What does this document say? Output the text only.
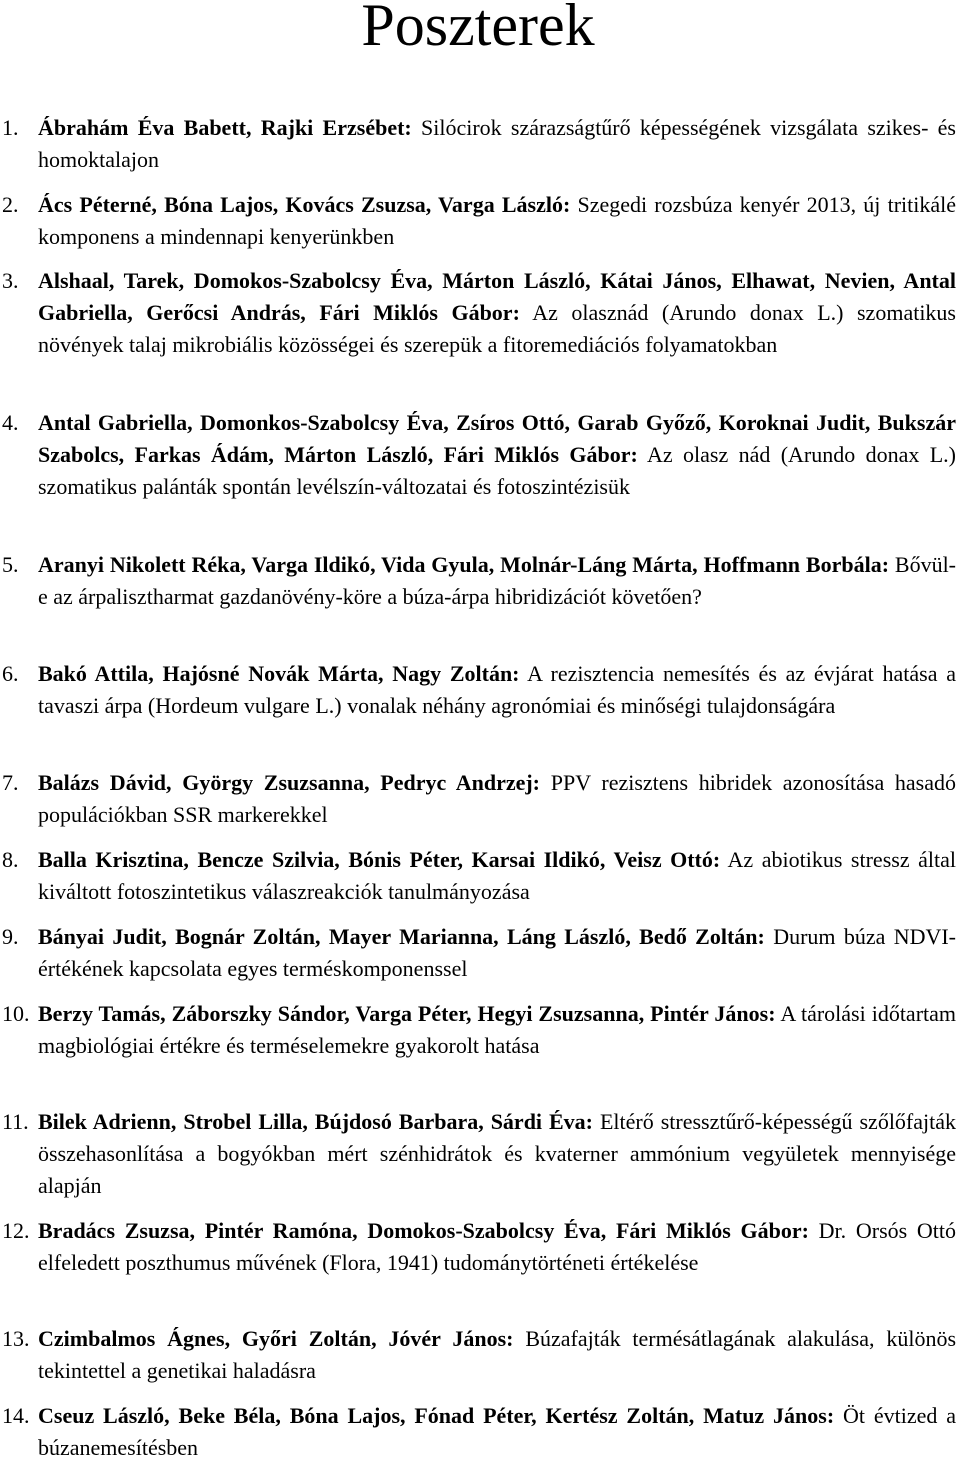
Poszterek
1. Ábrahám Éva Babett, Rajki Erzsébet: Silócirok szárazságtűrő képességének vizsgálata szikes- és homoktalajon
2. Ács Péterné, Bóna Lajos, Kovács Zsuzsa, Varga László: Szegedi rozsbúza kenyér 2013, új tritikálé komponens a mindennapi kenyerünkben
3. Alshaal, Tarek, Domokos-Szabolcsy Éva, Márton László, Kátai János, Elhawat, Nevien, Antal Gabriella, Gerőcsi András, Fári Miklós Gábor: Az olasznád (Arundo donax L.) szomatikus növények talaj mikrobiális közösségei és szerepük a fitoremediációs folyamatokban
4. Antal Gabriella, Domonkos-Szabolcsy Éva, Zsíros Ottó, Garab Győző, Koroknai Judit, Bukszár Szabolcs, Farkas Ádám, Márton László, Fári Miklós Gábor: Az olasz nád (Arundo donax L.) szomatikus palánták spontán levélszín-változatai és fotoszintézisük
5. Aranyi Nikolett Réka, Varga Ildikó, Vida Gyula, Molnár-Láng Márta, Hoffmann Borbála: Bővül-e az árpalisztharmat gazdanövény-köre a búza-árpa hibridizációt követően?
6. Bakó Attila, Hajósné Novák Márta, Nagy Zoltán: A rezisztencia nemesítés és az évjárat hatása a tavaszi árpa (Hordeum vulgare L.) vonalak néhány agronómiai és minőségi tulajdonságára
7. Balázs Dávid, György Zsuzsanna, Pedryc Andrzej: PPV rezisztens hibridek azonosítása hasadó populációkban SSR markerekkel
8. Balla Krisztina, Bencze Szilvia, Bónis Péter, Karsai Ildikó, Veisz Ottó: Az abiotikus stressz által kiváltott fotoszintetikus válaszreakciók tanulmányozása
9. Bányai Judit, Bognár Zoltán, Mayer Marianna, Láng László, Bedő Zoltán: Durum búza NDVI-értékének kapcsolata egyes terméskomponenssel
10. Berzy Tamás, Záborszky Sándor, Varga Péter, Hegyi Zsuzsanna, Pintér János: A tárolási időtartam magbiológiai értékre és terméselemekre gyakorolt hatása
11. Bilek Adrienn, Strobel Lilla, Bújdosó Barbara, Sárdi Éva: Eltérő stressztűrő-képességű szőlőfajták összehasonlítása a bogyókban mért szénhidrátok és kvaterner ammónium vegyületek mennyisége alapján
12. Bradács Zsuzsa, Pintér Ramóna, Domokos-Szabolcsy Éva, Fári Miklós Gábor: Dr. Orsós Ottó elfeledett poszthumus művének (Flora, 1941) tudománytörténeti értékelése
13. Czimbalmos Ágnes, Győri Zoltán, Jóvér János: Búzafajták termésátlagának alakulása, különös tekintettel a genetikai haladásra
14. Cseuz László, Beke Béla, Bóna Lajos, Fónad Péter, Kertész Zoltán, Matuz János: Öt évtized a búzanemesítésben
